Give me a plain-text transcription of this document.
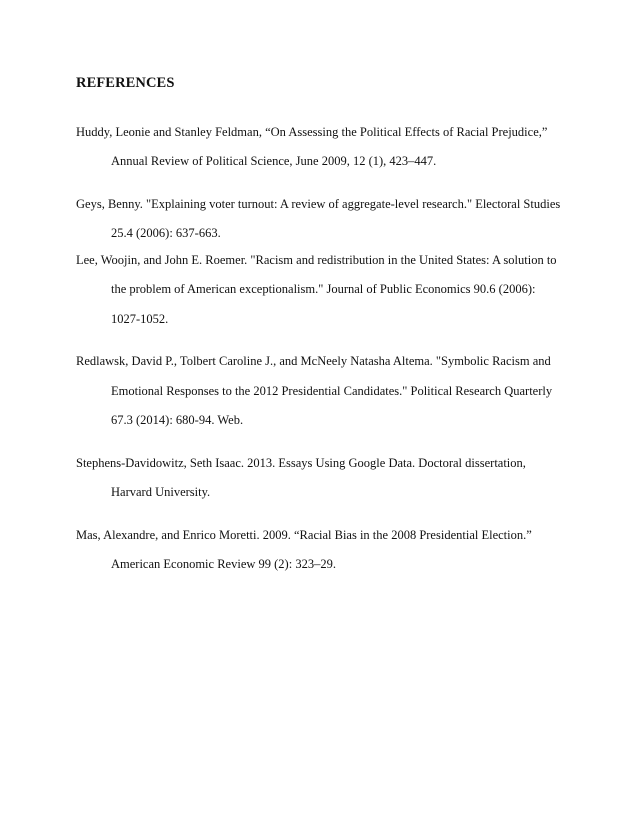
REFERENCES
Huddy, Leonie and Stanley Feldman, “On Assessing the Political Effects of Racial Prejudice,”
Annual Review of Political Science, June 2009, 12 (1), 423–447.
Geys, Benny. "Explaining voter turnout: A review of aggregate-level research." Electoral Studies
25.4 (2006): 637-663.
Lee, Woojin, and John E. Roemer. "Racism and redistribution in the United States: A solution to
the problem of American exceptionalism." Journal of Public Economics 90.6 (2006):
1027-1052.
Redlawsk, David P., Tolbert Caroline J., and McNeely Natasha Altema. "Symbolic Racism and
Emotional Responses to the 2012 Presidential Candidates." Political Research Quarterly
67.3 (2014): 680-94. Web.
Stephens-Davidowitz, Seth Isaac. 2013. Essays Using Google Data. Doctoral dissertation,
Harvard University.
Mas, Alexandre, and Enrico Moretti. 2009. “Racial Bias in the 2008 Presidential Election.”
American Economic Review 99 (2): 323–29.
